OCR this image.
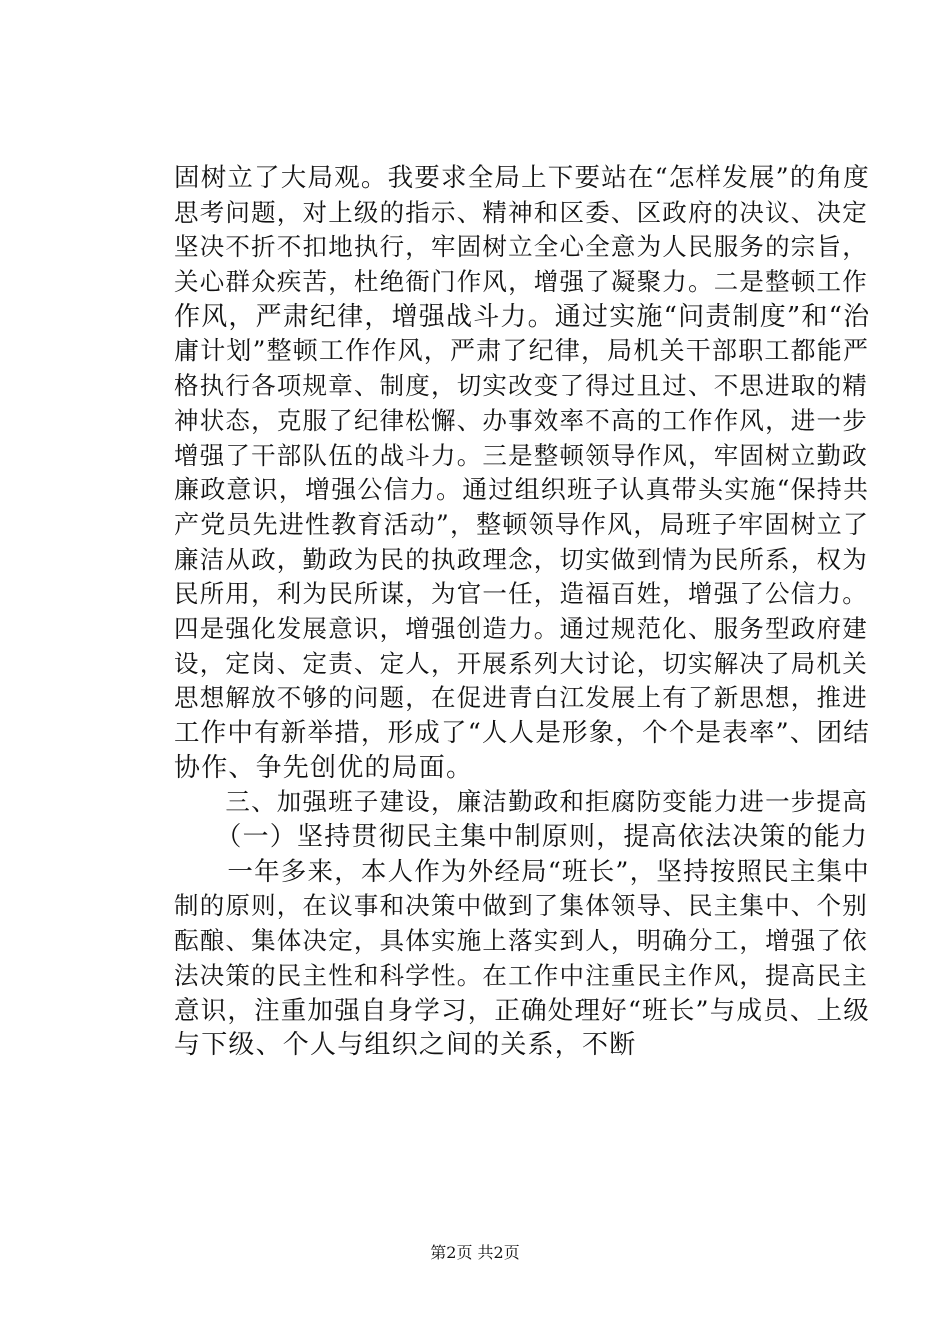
固树立了大局观。我要求全局上下要站在“怎样发展”的角度
思考问题，对上级的指示、精神和区委、区政府的决议、决定
坚决不折不扣地执行，牢固树立全心全意为人民服务的宗旨，
关心群众疾苦，杜绝衙门作风，增强了凝聚力。二是整顿工作
作风，严肃纪律，增强战斗力。通过实施“问责制度”和“治
庸计划”整顿工作作风，严肃了纪律，局机关干部职工都能严
格执行各项规章、制度，切实改变了得过且过、不思进取的精
神状态，克服了纪律松懈、办事效率不高的工作作风，进一步
增强了干部队伍的战斗力。三是整顿领导作风，牢固树立勤政
廉政意识，增强公信力。通过组织班子认真带头实施“保持共
产党员先进性教育活动”，整顿领导作风，局班子牢固树立了
廉洁从政，勤政为民的执政理念，切实做到情为民所系，权为
民所用，利为民所谋，为官一任，造福百姓，增强了公信力。
四是强化发展意识，增强创造力。通过规范化、服务型政府建
设，定岗、定责、定人，开展系列大讨论，切实解决了局机关
思想解放不够的问题，在促进青白江发展上有了新思想，推进
工作中有新举措，形成了“人人是形象，个个是表率”、团结
协作、争先创优的局面。
　　三、加强班子建设，廉洁勤政和拒腐防变能力进一步提高
　　（一）坚持贯彻民主集中制原则，提高依法决策的能力
　　一年多来，本人作为外经局“班长”，坚持按照民主集中
制的原则，在议事和决策中做到了集体领导、民主集中、个别
酝酿、集体决定，具体实施上落实到人，明确分工，增强了依
法决策的民主性和科学性。在工作中注重民主作风，提高民主
意识，注重加强自身学习，正确处理好“班长”与成员、上级
与下级、个人与组织之间的关系，不断
第2页 共2页
